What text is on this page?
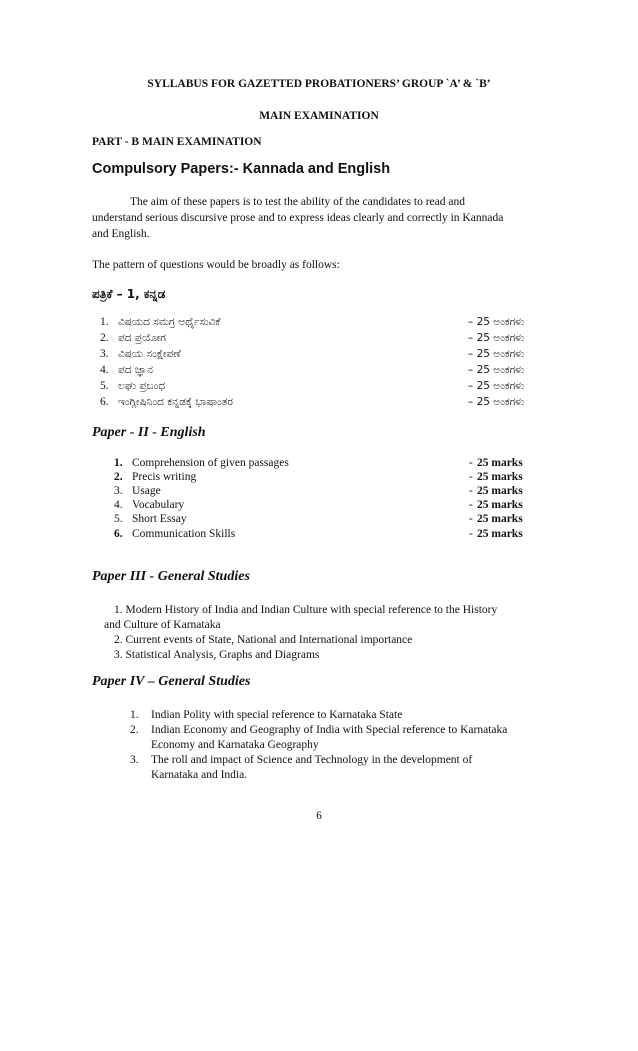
SYLLABUS FOR GAZETTED PROBATIONERS’ GROUP `A’ & `B’
MAIN EXAMINATION
PART - B MAIN EXAMINATION
Compulsory Papers:- Kannada and English
The aim of these papers is to test the ability of the candidates to read and
understand serious discursive prose and to express ideas clearly and correctly in Kannada
and English.
The pattern of questions would be broadly as follows:
ಪತ್ರಿಕೆ – 1, ಕನ್ನಡ
1. ವಿಷಯದ ಸಮಗ್ರ ಅರ್ಥೈಸುವಿಕೆ	– 25 ಅಂಕಗಳು
2. ಪದ ಪ್ರಯೋಗ	– 25 ಅಂಕಗಳು
3. ವಿಷಯ ಸಂಕ್ಷೇಪಣೆ	– 25 ಅಂಕಗಳು
4. ಪದ ಜ್ಞಾನ	– 25 ಅಂಕಗಳು
5. ಲಘು ಪ್ರಬಂಧ	– 25 ಅಂಕಗಳು
6. ಇಂಗ್ಲೀಷಿನಿಂದ ಕನ್ನಡಕ್ಕೆ ಭಾಷಾಂತರ	– 25 ಅಂಕಗಳು
Paper - II - English
1. Comprehension of given passages	- 25 marks
2. Precis writing	- 25 marks
3. Usage	- 25 marks
4. Vocabulary	- 25 marks
5. Short Essay	- 25 marks
6. Communication Skills	- 25 marks
Paper III - General Studies
1. Modern History of India and Indian Culture with special reference to the History
and Culture of Karnataka
2. Current events of State, National and International importance
3. Statistical Analysis, Graphs and Diagrams
Paper IV – General Studies
1. Indian Polity with special reference to Karnataka State
2. Indian Economy and Geography of India with Special reference to Karnataka
Economy and Karnataka Geography
3. The roll and impact of Science and Technology in the development of
Karnataka and India.
6
